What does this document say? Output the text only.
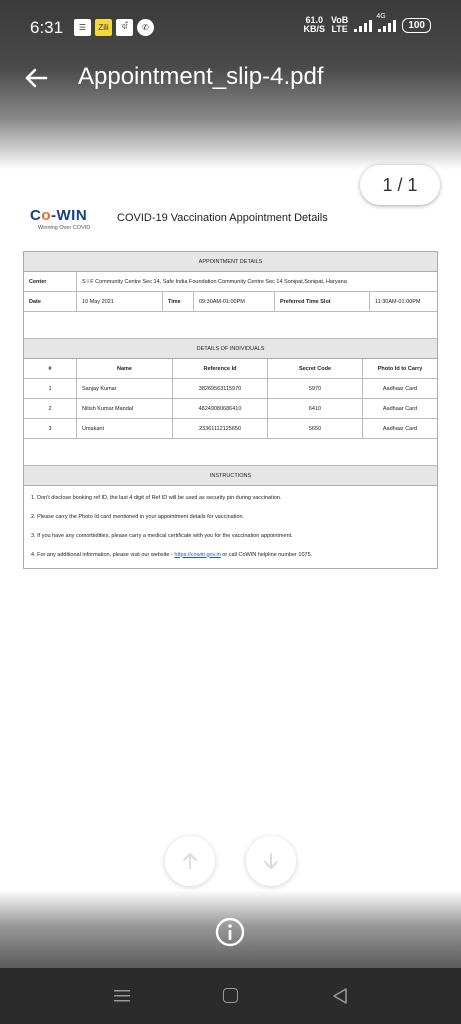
6:31	☰	Zili	ঝঁ	✆
61.0
KB/S
VoB
LTE
4G
100
Appointment_slip-4.pdf
1 / 1
Co-WIN
Winning Over COVID
COVID-19 Vaccination Appointment Details
APPOINTMENT DETAILS
Center	S I F Community Centre Sec 14, Safe India Foundation Community Centre Sec 14 Sonipat,Sonipat, Haryana
Date	10 May 2021	Time	09:30AM-01:00PM	Preferred Time Slot	11:30AM-01:00PM
DETAILS OF INDIVIDUALS
#	Name	Reference Id	Secret Code	Photo Id to Carry
1	Sanjay Kumar	38269563115970	5970	Aadhaar Card
2	Nitish Kumar Mandal	48249080686410	6410	Aadhaar Card
3	Umakant	23361112125650	5650	Aadhaar Card
INSTRUCTIONS
1. Don't disclose booking ref ID, the last 4 digit of Ref ID will be used as security pin during vaccination.
2. Please carry the Photo Id card mentioned in your appointment details for vaccination.
3. If you have any comorbidities, please carry a medical certificate with you for the vaccination appointment.
4. For any additional information, please visit our website -
https://cowin.gov.in
or call CoWIN helpline number 1075.
